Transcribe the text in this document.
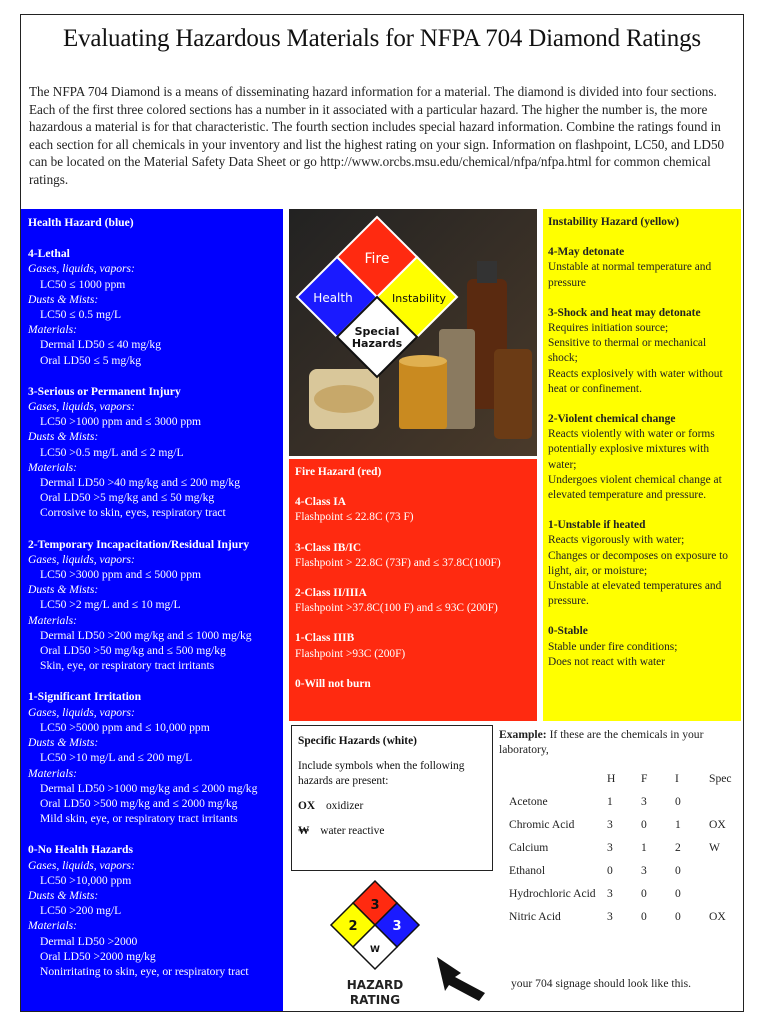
Evaluating Hazardous Materials for NFPA 704 Diamond Ratings
The NFPA 704 Diamond is a means of disseminating hazard information for a material. The diamond is divided into four sections. Each of the first three colored sections has a number in it associated with a particular hazard. The higher the number is, the more hazardous a material is for that characteristic. The fourth section includes special hazard information. Combine the ratings found in each section for all chemicals in your inventory and list the highest rating on your sign. Information on flashpoint, LC50, and LD50 can be located on the Material Safety Data Sheet or go http://www.orcbs.msu.edu/chemical/nfpa/nfpa.html for common chemical ratings.
Health Hazard (blue)
4-Lethal
Gases, liquids, vapors:
LC50 ≤ 1000 ppm
Dusts & Mists:
LC50 ≤ 0.5 mg/L
Materials:
Dermal LD50 ≤ 40 mg/kg
Oral LD50 ≤ 5 mg/kg
3-Serious or Permanent Injury
Gases, liquids, vapors:
LC50 >1000 ppm and ≤ 3000 ppm
Dusts & Mists:
LC50 >0.5 mg/L and ≤ 2 mg/L
Materials:
Dermal LD50 >40 mg/kg and ≤ 200 mg/kg
Oral LD50 >5 mg/kg and ≤ 50 mg/kg
Corrosive to skin, eyes, respiratory tract
2-Temporary Incapacitation/Residual Injury
Gases, liquids, vapors:
LC50 >3000 ppm and ≤ 5000 ppm
Dusts & Mists:
LC50 >2 mg/L and ≤ 10 mg/L
Materials:
Dermal LD50 >200 mg/kg and ≤ 1000 mg/kg
Oral LD50 >50 mg/kg and ≤ 500 mg/kg
Skin, eye, or respiratory tract irritants
1-Significant Irritation
Gases, liquids, vapors:
LC50 >5000 ppm and ≤ 10,000 ppm
Dusts & Mists:
LC50 >10 mg/L and ≤ 200 mg/L
Materials:
Dermal LD50 >1000 mg/kg and ≤ 2000 mg/kg
Oral LD50 >500 mg/kg and ≤ 2000 mg/kg
Mild skin, eye, or respiratory tract irritants
0-No Health Hazards
Gases, liquids, vapors:
LC50 >10,000 ppm
Dusts & Mists:
LC50 >200 mg/L
Materials:
Dermal LD50 >2000
Oral LD50 >2000 mg/kg
Nonirritating to skin, eye, or respiratory tract
Fire
Health	Instability
Special
Hazards
Fire Hazard (red)
4-Class IA
Flashpoint ≤ 22.8C (73 F)
3-Class IB/IC
Flashpoint > 22.8C (73F) and ≤ 37.8C(100F)
2-Class II/IIIA
Flashpoint >37.8C(100 F) and ≤ 93C (200F)
1-Class IIIB
Flashpoint >93C (200F)
0-Will not burn
Instability Hazard (yellow)
4-May detonate
Unstable at normal temperature and pressure
3-Shock and heat may detonate
Requires initiation source;
Sensitive to thermal or mechanical shock;
Reacts explosively with water without heat or confinement.
2-Violent chemical change
Reacts violently with water or forms potentially explosive mixtures with water;
Undergoes violent chemical change at elevated temperature and pressure.
1-Unstable if heated
Reacts vigorously with water;
Changes or decomposes on exposure to light, air, or moisture;
Unstable at elevated temperatures and pressure.
0-Stable
Stable under fire conditions;
Does not react with water
Specific Hazards (white)
Include symbols when the following hazards are present:
OX oxidizer
₩ water reactive
3
2	3
W
HAZARD
RATING
Example: If these are the chemicals in your laboratory,
	H	F	I	Spec
Acetone	1	3	0	
Chromic Acid	3	0	1	OX
Calcium	3	1	2	W
Ethanol	0	3	0	
Hydrochloric Acid	3	0	0	
Nitric Acid	3	0	0	OX
your 704 signage should look like this.
